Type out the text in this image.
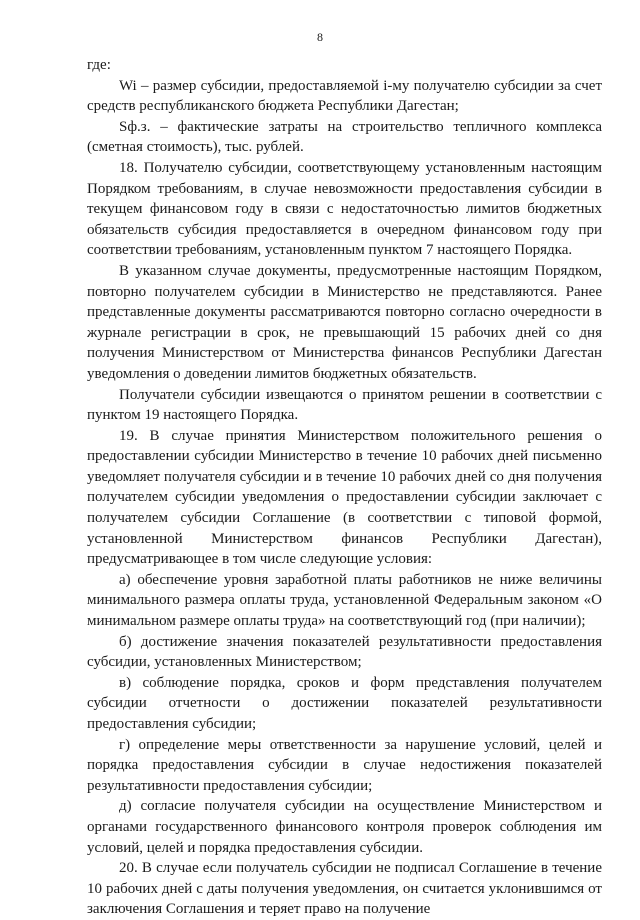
8

где:

Wi – размер субсидии, предоставляемой i-му получателю субсидии за счет средств республиканского бюджета Республики Дагестан;

Sф.з. – фактические затраты на строительство тепличного комплекса (сметная стоимость), тыс. рублей.

18. Получателю субсидии, соответствующему установленным настоящим Порядком требованиям, в случае невозможности предоставления субсидии в текущем финансовом году в связи с недостаточностью лимитов бюджетных обязательств субсидия предоставляется в очередном финансовом году при соответствии требованиям, установленным пунктом 7 настоящего Порядка.

В указанном случае документы, предусмотренные настоящим Порядком, повторно получателем субсидии в Министерство не представляются. Ранее представленные документы рассматриваются повторно согласно очередности в журнале регистрации в срок, не превышающий 15 рабочих дней со дня получения Министерством от Министерства финансов Республики Дагестан уведомления о доведении лимитов бюджетных обязательств.

Получатели субсидии извещаются о принятом решении в соответствии с пунктом 19 настоящего Порядка.

19. В случае принятия Министерством положительного решения о предоставлении субсидии Министерство в течение 10 рабочих дней письменно уведомляет получателя субсидии и в течение 10 рабочих дней со дня получения получателем субсидии уведомления о предоставлении субсидии заключает с получателем субсидии Соглашение (в соответствии с типовой формой, установленной Министерством финансов Республики Дагестан), предусматривающее в том числе следующие условия:

а) обеспечение уровня заработной платы работников не ниже величины минимального размера оплаты труда, установленной Федеральным законом «О минимальном размере оплаты труда» на соответствующий год (при наличии);

б) достижение значения показателей результативности предоставления субсидии, установленных Министерством;

в) соблюдение порядка, сроков и форм представления получателем субсидии отчетности о достижении показателей результативности предоставления субсидии;

г) определение меры ответственности за нарушение условий, целей и порядка предоставления субсидии в случае недостижения показателей результативности предоставления субсидии;

д) согласие получателя субсидии на осуществление Министерством и органами государственного финансового контроля проверок соблюдения им условий, целей и порядка предоставления субсидии.

20. В случае если получатель субсидии не подписал Соглашение в течение 10 рабочих дней с даты получения уведомления, он считается уклонившимся от заключения Соглашения и теряет право на получение
